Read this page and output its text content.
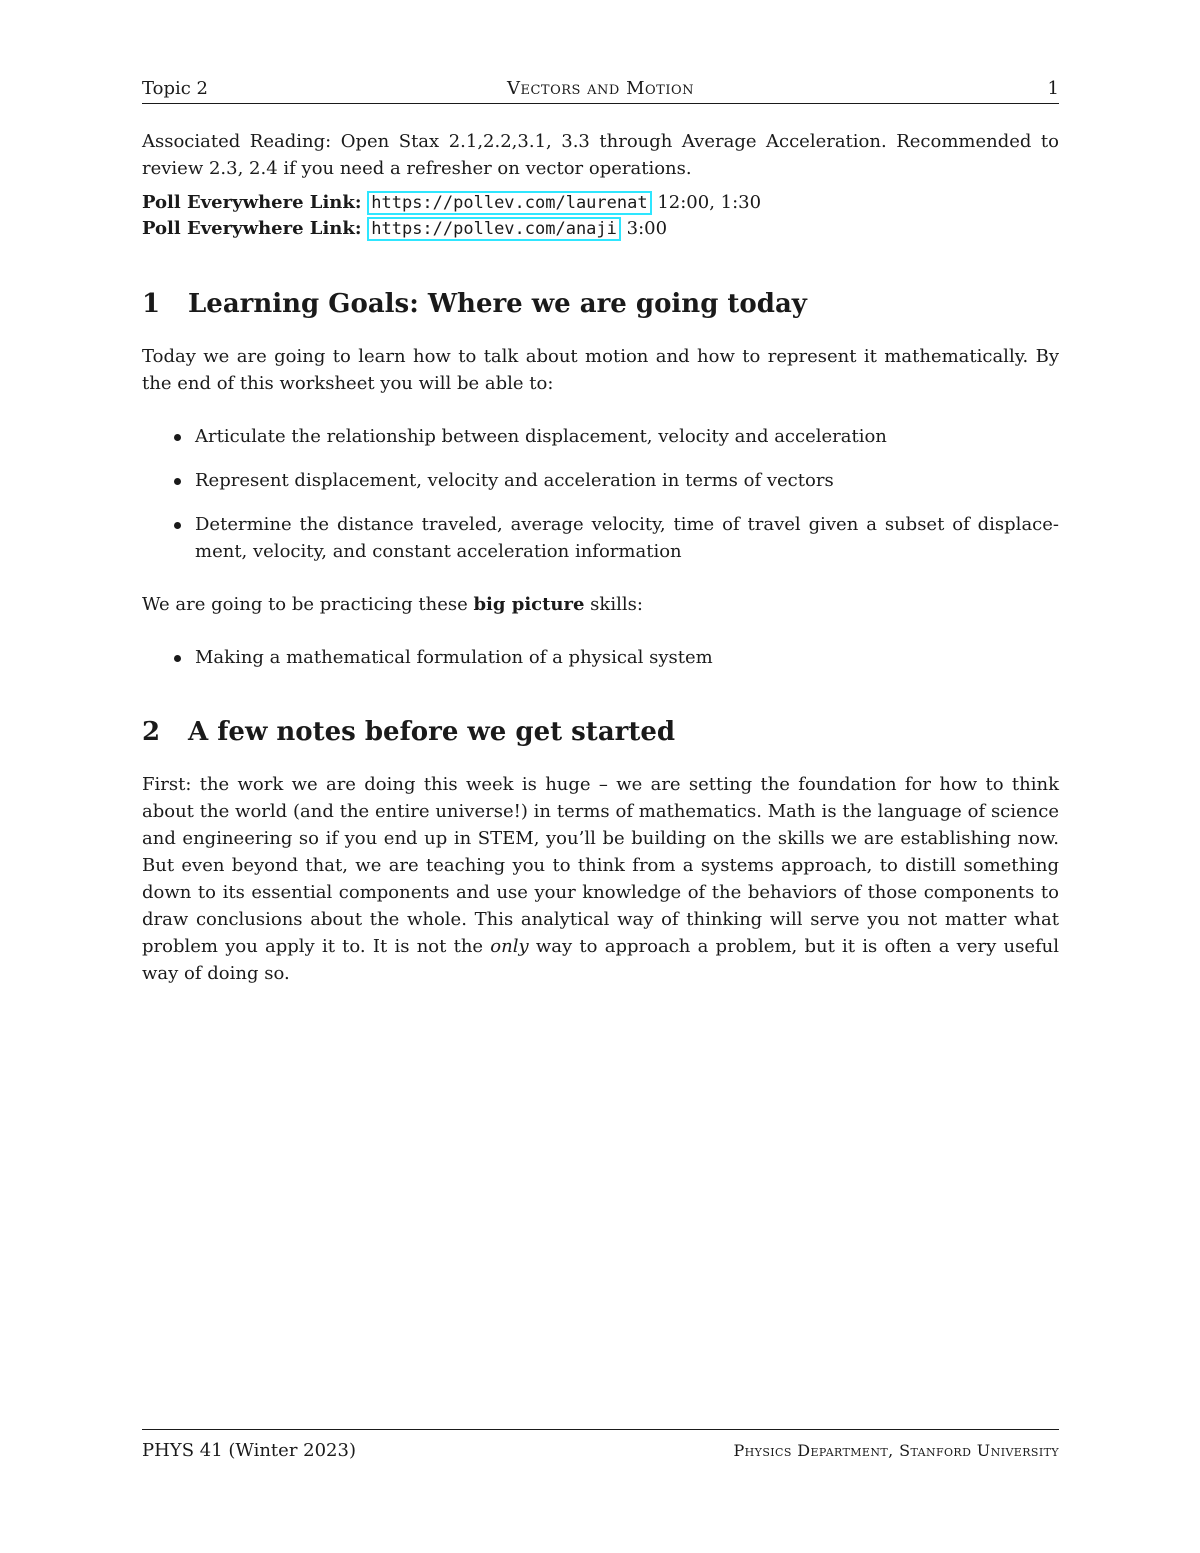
Topic 2	Vectors and Motion	1

Associated Reading: Open Stax 2.1,2.2,3.1, 3.3 through Average Acceleration. Recommended to review 2.3, 2.4 if you need a refresher on vector operations.

Poll Everywhere Link: https://pollev.com/laurenat 12:00, 1:30

Poll Everywhere Link: https://pollev.com/anaji 3:00

1 Learning Goals: Where we are going today

Today we are going to learn how to talk about motion and how to represent it mathematically. By the end of this worksheet you will be able to:

Articulate the relationship between displacement, velocity and acceleration
Represent displacement, velocity and acceleration in terms of vectors
Determine the distance traveled, average velocity, time of travel given a subset of displace-ment, velocity, and constant acceleration information

We are going to be practicing these big picture skills:

Making a mathematical formulation of a physical system
2 A few notes before we get started

First: the work we are doing this week is huge – we are setting the foundation for how to think about the world (and the entire universe!) in terms of mathematics. Math is the language of science and engineering so if you end up in STEM, you’ll be building on the skills we are establishing now. But even beyond that, we are teaching you to think from a systems approach, to distill something down to its essential components and use your knowledge of the behaviors of those components to draw conclusions about the whole. This analytical way of thinking will serve you not matter what problem you apply it to. It is not the only way to approach a problem, but it is often a very useful way of doing so.

PHYS 41 (Winter 2023)	Physics Department, Stanford University
